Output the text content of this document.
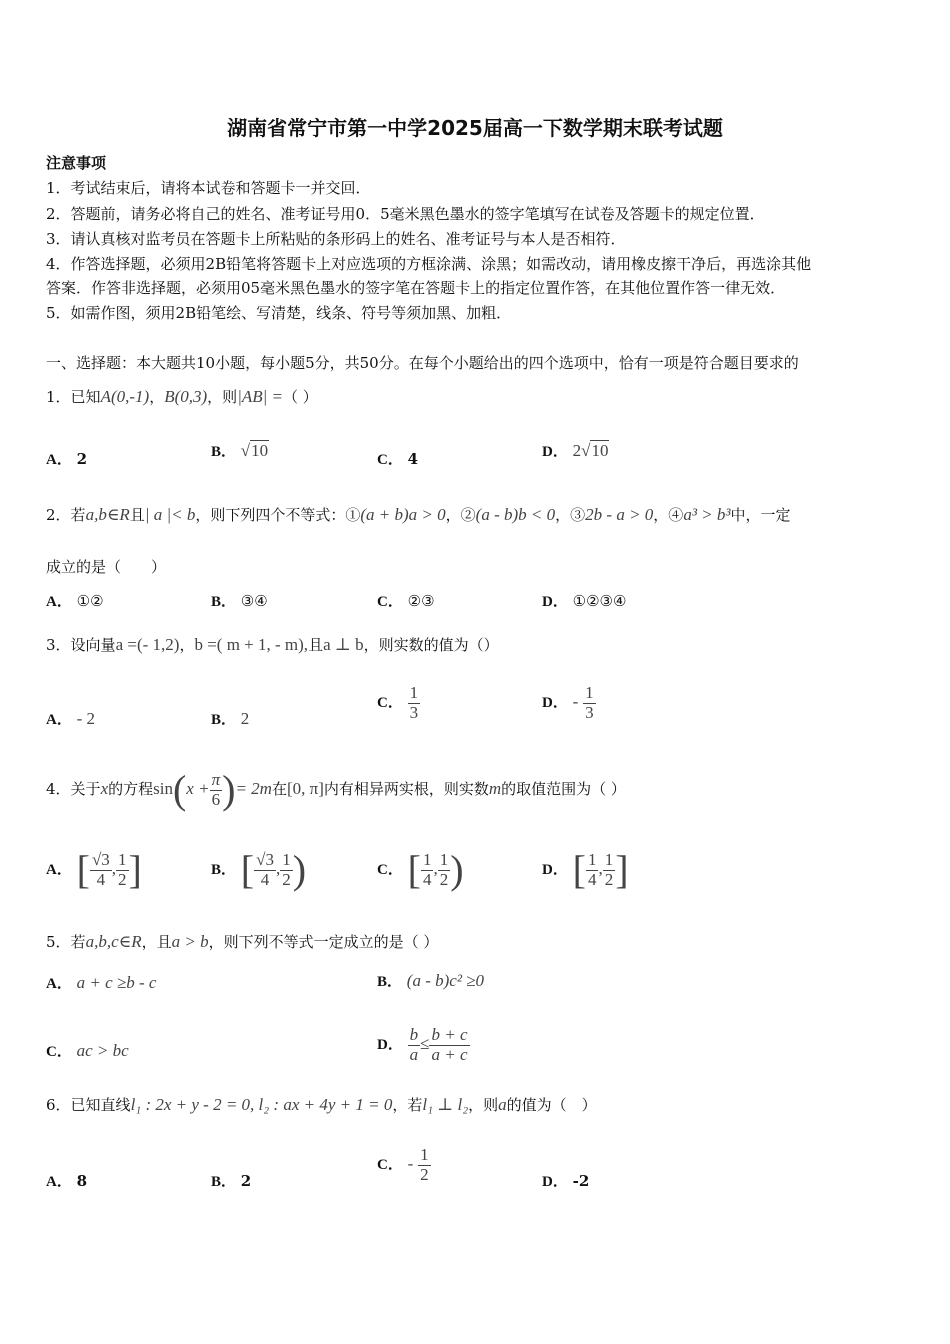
湖南省常宁市第一中学2025届高一下数学期末联考试题
注意事项
1．考试结束后，请将本试卷和答题卡一并交回．
2．答题前，请务必将自己的姓名、准考证号用0．5毫米黑色墨水的签字笔填写在试卷及答题卡的规定位置．
3．请认真核对监考员在答题卡上所粘贴的条形码上的姓名、准考证号与本人是否相符．
4．作答选择题，必须用2B铅笔将答题卡上对应选项的方框涂满、涂黑；如需改动，请用橡皮擦干净后，再选涂其他
答案．作答非选择题，必须用05毫米黑色墨水的签字笔在答题卡上的指定位置作答，在其他位置作答一律无效．
5．如需作图，须用2B铅笔绘、写清楚，线条、符号等须加黑、加粗．
一、选择题：本大题共10小题，每小题5分，共50分。在每个小题给出的四个选项中，恰有一项是符合题目要求的
1．已知A(0,-1)，B(0,3)，则|AB| =（ ）
A． 2	B． √10	C． 4	D． 2√10
2．若a,b∈R且| a |< b，则下列四个不等式：①(a + b)a > 0，②(a - b)b < 0，③2b - a > 0，④a³ > b³中，一定
成立的是（　　）
A． ①②	B． ③④	C． ②③	D． ①②③④
3．设向量a =(- 1,2)，b =( m + 1, - m),且a ⊥ b，则实数的值为（）
A． - 2	B． 2
C． $\frac{1}{3}$	D． - $\frac{1}{3}$
4．关于x的方程$\sin(x + \frac{\pi}{6}$ )= 2m在[0, π]内有相异两实根，则实数m的取值范围为（ ）
A． [ $\frac{√3}{4}$ , $\frac{1}{2}$ ]	B． [ $\frac{√3}{4}$ , $\frac{1}{2}$ )	C． [ $\frac{1}{4}$ , $\frac{1}{2}$ )	D． [ $\frac{1}{4}$ , $\frac{1}{2}$ ]
5．若a,b,c∈R，且a > b，则下列不等式一定成立的是（ ）
A． a + c ≥b - c	B． (a - b)c² ≥0
C． ac > bc	D． $\frac{b}{a} \le \frac{b + c}{a + c}$
6．已知直线l₁ : 2x + y - 2 = 0, l₂ : ax + 4y + 1 = 0，若l₁ ⊥ l₂，则a的值为（　）
A． 8	B． 2
C． - $\frac{1}{2}$	D． -2
